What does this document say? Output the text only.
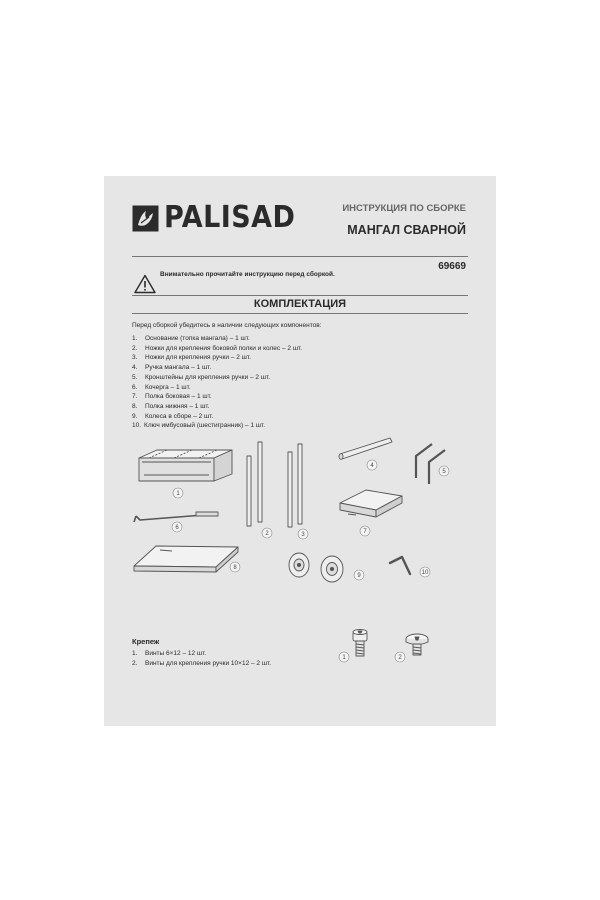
PALISAD	ИНСТРУКЦИЯ ПО СБОРКЕ
МАНГАЛ СВАРНОЙ
69669
Внимательно прочитайте инструкцию перед сборкой.
КОМПЛЕКТАЦИЯ
Перед сборкой убедитесь в наличии следующих компонентов:
1.	Основание (топка мангала) – 1 шт.
2.	Ножки для крепления боковой полки и колес – 2 шт.
3.	Ножки для крепления ручки – 2 шт.
4.	Ручка мангала – 1 шт.
5.	Кронштейны для крепления ручки – 2 шт.
6.	Кочерга – 1 шт.
7.	Полка боковая – 1 шт.
8.	Полка нижняя – 1 шт.
9.	Колеса в сборе – 2 шт.
10. Ключ имбусовый (шестигранник) – 1 шт.
1
2	3
4
5
6
7
8
9	10
1	2
Крепеж
1.	Винты 6×12 – 12 шт.
2.	Винты для крепления ручки 10×12 – 2 шт.
